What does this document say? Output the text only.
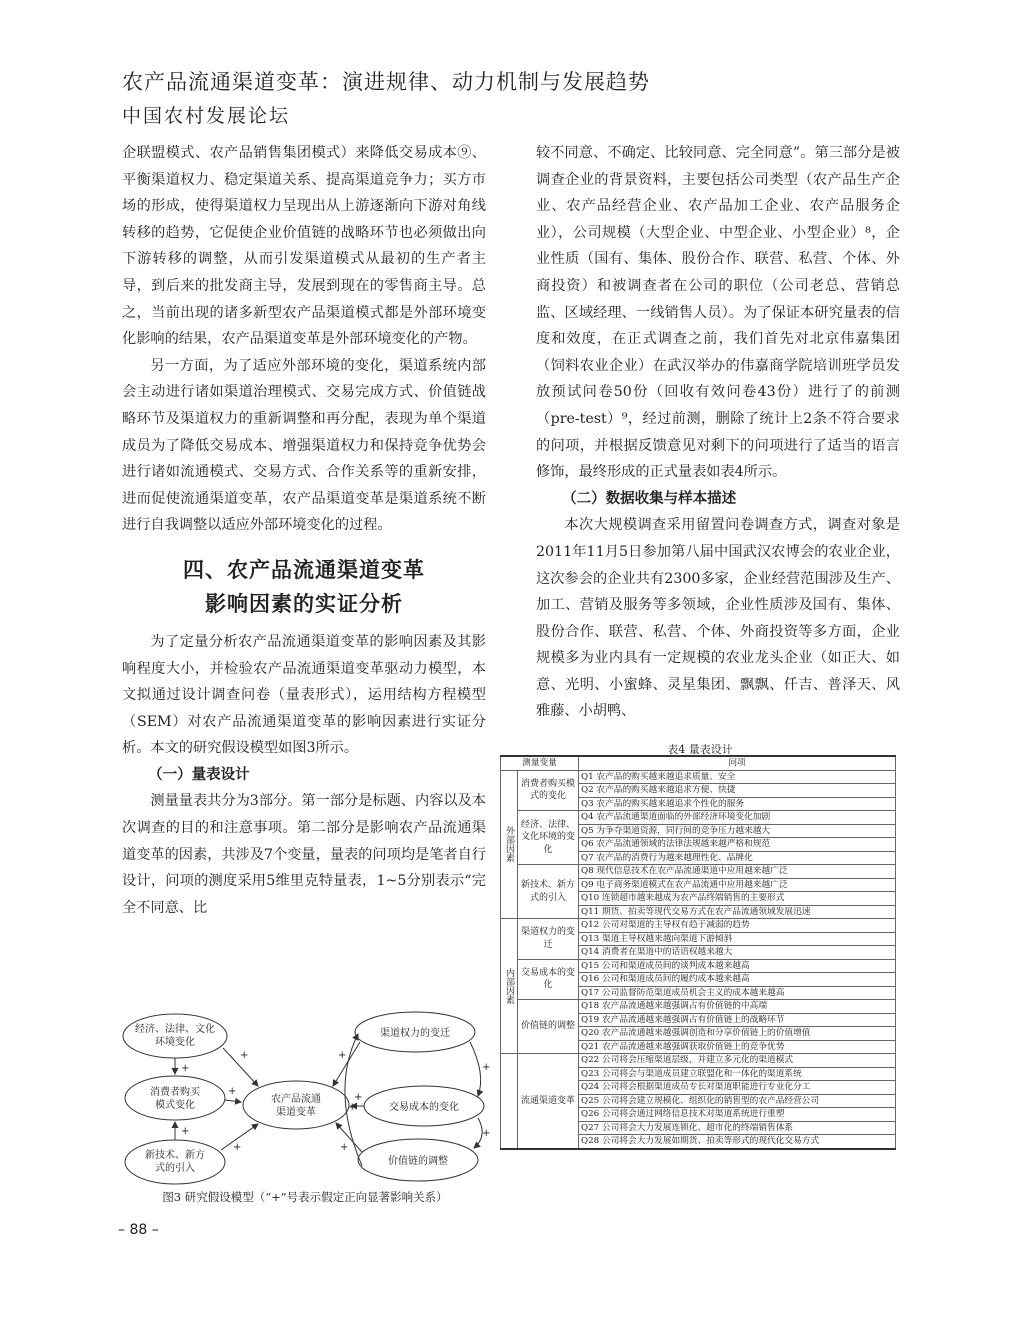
农产品流通渠道变革：演进规律、动力机制与发展趋势
中国农村发展论坛

企联盟模式、农产品销售集团模式）来降低交易成本⑨、平衡渠道权力、稳定渠道关系、提高渠道竞争力；买方市场的形成，使得渠道权力呈现出从上游逐渐向下游对角线转移的趋势，它促使企业价值链的战略环节也必须做出向下游转移的调整，从而引发渠道模式从最初的生产者主导，到后来的批发商主导，发展到现在的零售商主导。总之，当前出现的诸多新型农产品渠道模式都是外部环境变化影响的结果，农产品渠道变革是外部环境变化的产物。

另一方面，为了适应外部环境的变化，渠道系统内部会主动进行诸如渠道治理模式、交易完成方式、价值链战略环节及渠道权力的重新调整和再分配，表现为单个渠道成员为了降低交易成本、增强渠道权力和保持竞争优势会进行诸如流通模式、交易方式、合作关系等的重新安排，进而促使流通渠道变革，农产品渠道变革是渠道系统不断进行自我调整以适应外部环境变化的过程。

四、农产品流通渠道变革
影响因素的实证分析

为了定量分析农产品流通渠道变革的影响因素及其影响程度大小，并检验农产品流通渠道变革驱动力模型，本文拟通过设计调查问卷（量表形式），运用结构方程模型（SEM）对农产品流通渠道变革的影响因素进行实证分析。本文的研究假设模型如图3所示。

（一）量表设计

测量量表共分为3部分。第一部分是标题、内容以及本次调查的目的和注意事项。第二部分是影响农产品流通渠道变革的因素，共涉及7个变量，量表的问项均是笔者自行设计，问项的测度采用5维里克特量表，1~5分别表示“完全不同意、比

较不同意、不确定、比较同意、完全同意”。第三部分是被调查企业的背景资料，主要包括公司类型（农产品生产企业、农产品经营企业、农产品加工企业、农产品服务企业），公司规模（大型企业、中型企业、小型企业）⁸，企业性质（国有、集体、股份合作、联营、私营、个体、外商投资）和被调查者在公司的职位（公司老总、营销总监、区域经理、一线销售人员）。为了保证本研究量表的信度和效度，在正式调查之前，我们首先对北京伟嘉集团（饲料农业企业）在武汉举办的伟嘉商学院培训班学员发放预试问卷50份（回收有效问卷43份）进行了的前测（pre-test）⁹，经过前测，删除了统计上2条不符合要求的问项，并根据反馈意见对剩下的问项进行了适当的语言修饰，最终形成的正式量表如表4所示。

（二）数据收集与样本描述

本次大规模调查采用留置问卷调查方式，调查对象是2011年11月5日参加第八届中国武汉农博会的农业企业，这次参会的企业共有2300多家，企业经营范围涉及生产、加工、营销及服务等多领域，企业性质涉及国有、集体、股份合作、联营、私营、个体、外商投资等多方面，企业规模多为业内具有一定规模的农业龙头企业（如正大、如意、光明、小蜜蜂、灵星集团、飘飘、仟吉、普泽天、风雅藤、小胡鸭、

经济、法律、文化
环境变化
消费者购买
模式变化
新技术、新方
式的引入
农产品流通
渠道变革
渠道权力的变迁
交易成本的变化
价值链的调整
+
+
+
+
+
+
+
+
+
+
+
图3 研究假设模型（“+”号表示假定正向显著影响关系）
表4 量表设计
测量变量		问项
外部因素	消费者购买模式的变化	Q1 农产品的购买越来越追求质量、安全
		Q2 农产品的购买越来越追求方便、快捷
		Q3 农产品的购买越来越追求个性化的服务
	经济、法律、文化环境的变化	Q4 农产品流通渠道面临的外部经济环境变化加剧
		Q5 为争夺渠道资源，同行间的竞争压力越来越大
		Q6 农产品流通领域的法律法规越来越严格和规范
		Q7 农产品的消费行为越来越理性化、品牌化
	新技术、新方式的引入	Q8 现代信息技术在农产品流通渠道中应用越来越广泛
		Q9 电子商务渠道模式在农产品流通中应用越来越广泛
		Q10 连锁超市越来越成为农产品终端销售的主要形式
		Q11 期货、拍卖等现代交易方式在农产品流通领域发展迅速
内部因素	渠道权力的变迁	Q12 公司对渠道的主导权有趋于减弱的趋势
		Q13 渠道主导权越来越向渠道下游倾斜
		Q14 消费者在渠道中的话语权越来越大
	交易成本的变化	Q15 公司和渠道成员间的谈判成本越来越高
		Q16 公司和渠道成员间的履约成本越来越高
		Q17 公司监督防范渠道成员机会主义的成本越来越高
	价值链的调整	Q18 农产品流通越来越强调占有价值链的中高端
		Q19 农产品流通越来越强调占有价值链上的战略环节
		Q20 农产品流通越来越强调创造和分享价值链上的价值增值
		Q21 农产品流通越来越强调获取价值链上的竞争优势
	流通渠道变革	Q22 公司将会压缩渠道层级，并建立多元化的渠道模式
		Q23 公司将会与渠道成员建立联盟化和一体化的渠道系统
		Q24 公司将会根据渠道成员专长对渠道职能进行专业化分工
		Q25 公司将会建立规模化、组织化的销售型的农产品经营公司
		Q26 公司将会通过网络信息技术对渠道系统进行重塑
		Q27 公司将会大力发展连锁化、超市化的终端销售体系
		Q28 公司将会大力发展如期货、拍卖等形式的现代化交易方式
– 88 –
